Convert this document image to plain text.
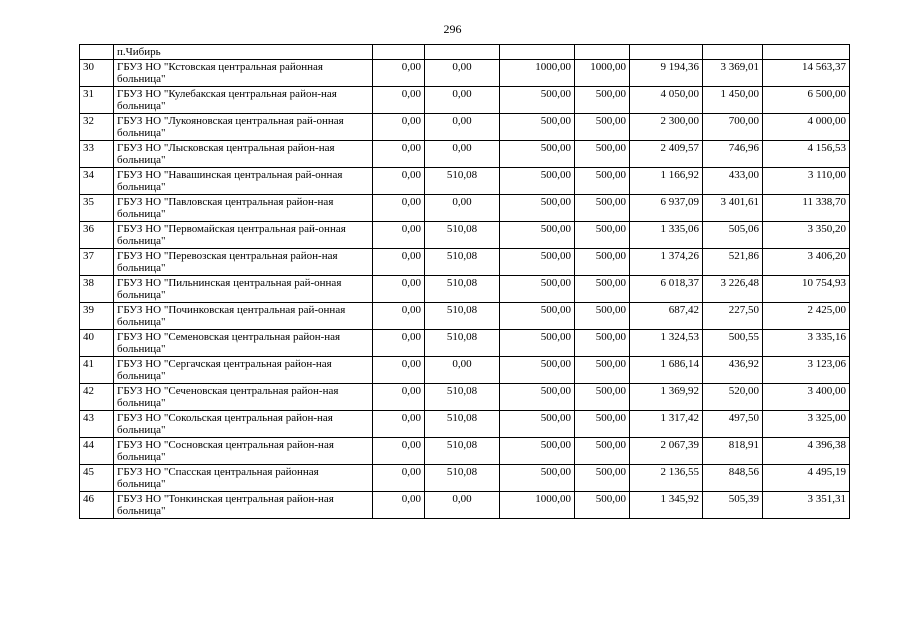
296
	п.Чибирь							
30	ГБУЗ НО "Кстовская центральная районная больница"	0,00	0,00	1000,00	1000,00	9 194,36	3 369,01	14 563,37
31	ГБУЗ НО "Кулебакская центральная район-ная больница"	0,00	0,00	500,00	500,00	4 050,00	1 450,00	6 500,00
32	ГБУЗ НО "Лукояновская центральная рай-онная больница"	0,00	0,00	500,00	500,00	2 300,00	700,00	4 000,00
33	ГБУЗ НО "Лысковская центральная район-ная больница"	0,00	0,00	500,00	500,00	2 409,57	746,96	4 156,53
34	ГБУЗ НО "Навашинская центральная рай-онная больница"	0,00	510,08	500,00	500,00	1 166,92	433,00	3 110,00
35	ГБУЗ НО "Павловская центральная район-ная больница"	0,00	0,00	500,00	500,00	6 937,09	3 401,61	11 338,70
36	ГБУЗ НО "Первомайская центральная рай-онная больница"	0,00	510,08	500,00	500,00	1 335,06	505,06	3 350,20
37	ГБУЗ НО "Перевозская центральная район-ная больница"	0,00	510,08	500,00	500,00	1 374,26	521,86	3 406,20
38	ГБУЗ НО "Пильнинская центральная рай-онная больница"	0,00	510,08	500,00	500,00	6 018,37	3 226,48	10 754,93
39	ГБУЗ НО "Починковская центральная рай-онная больница"	0,00	510,08	500,00	500,00	687,42	227,50	2 425,00
40	ГБУЗ НО "Семеновская центральная район-ная больница"	0,00	510,08	500,00	500,00	1 324,53	500,55	3 335,16
41	ГБУЗ НО "Сергачская центральная район-ная больница"	0,00	0,00	500,00	500,00	1 686,14	436,92	3 123,06
42	ГБУЗ НО "Сеченовская центральная район-ная больница"	0,00	510,08	500,00	500,00	1 369,92	520,00	3 400,00
43	ГБУЗ НО "Сокольская центральная район-ная больница"	0,00	510,08	500,00	500,00	1 317,42	497,50	3 325,00
44	ГБУЗ НО "Сосновская центральная район-ная больница"	0,00	510,08	500,00	500,00	2 067,39	818,91	4 396,38
45	ГБУЗ НО "Спасская центральная районная больница"	0,00	510,08	500,00	500,00	2 136,55	848,56	4 495,19
46	ГБУЗ НО "Тонкинская центральная район-ная больница"	0,00	0,00	1000,00	500,00	1 345,92	505,39	3 351,31
